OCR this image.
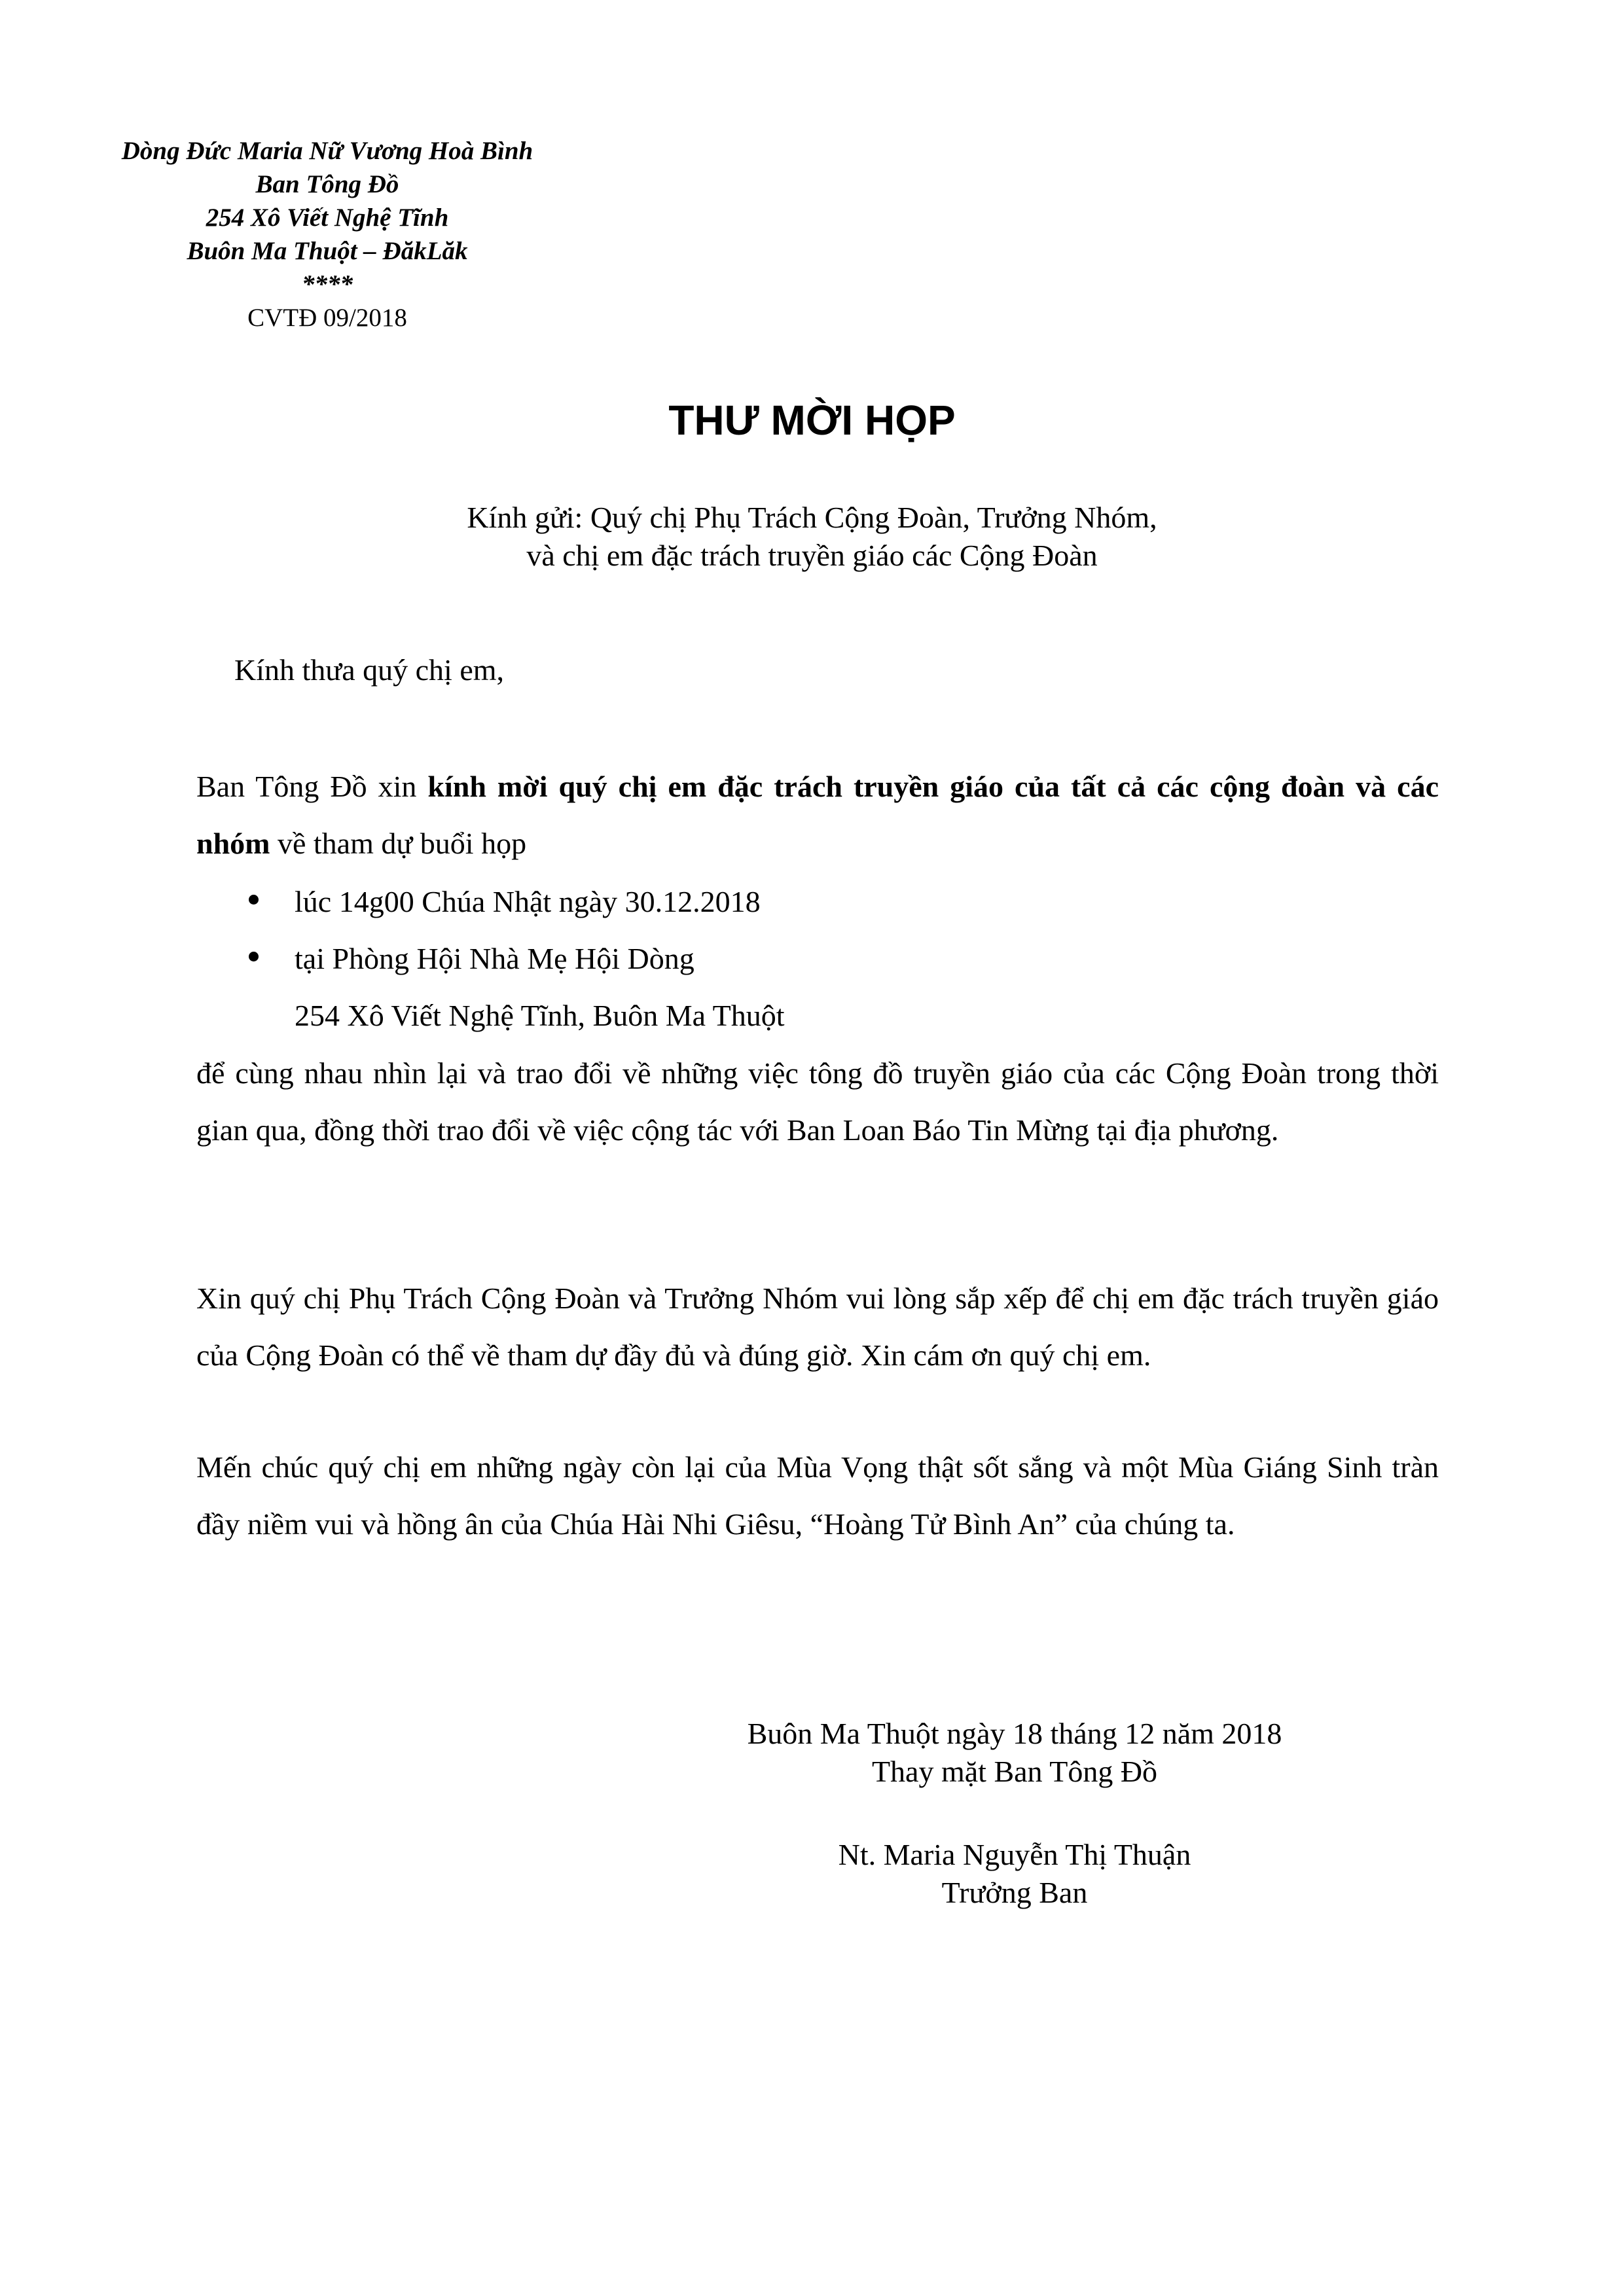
Dòng Đức Maria Nữ Vương Hoà Bình
Ban Tông Đồ
254 Xô Viết Nghệ Tĩnh
Buôn Ma Thuột – ĐăkLăk
****
CVTĐ 09/2018
THƯ MỜI HỌP
Kính gửi: Quý chị Phụ Trách Cộng Đoàn, Trưởng Nhóm,
và chị em đặc trách truyền giáo các Cộng Đoàn
Kính thưa quý chị em,

Ban Tông Đồ xin kính mời quý chị em đặc trách truyền giáo của tất cả các cộng đoàn và các nhóm về tham dự buổi họp

lúc 14g00 Chúa Nhật ngày 30.12.2018
tại Phòng Hội Nhà Mẹ Hội Dòng
254 Xô Viết Nghệ Tĩnh, Buôn Ma Thuột

để cùng nhau nhìn lại và trao đổi về những việc tông đồ truyền giáo của các Cộng Đoàn trong thời gian qua, đồng thời trao đổi về việc cộng tác với Ban Loan Báo Tin Mừng tại địa phương.

Xin quý chị Phụ Trách Cộng Đoàn và Trưởng Nhóm vui lòng sắp xếp để chị em đặc trách truyền giáo của Cộng Đoàn có thể về tham dự đầy đủ và đúng giờ. Xin cám ơn quý chị em.

Mến chúc quý chị em những ngày còn lại của Mùa Vọng thật sốt sắng và một Mùa Giáng Sinh tràn đầy niềm vui và hồng ân của Chúa Hài Nhi Giêsu, “Hoàng Tử Bình An” của chúng ta.

Buôn Ma Thuột ngày 18 tháng 12 năm 2018
Thay mặt Ban Tông Đồ
Nt. Maria Nguyễn Thị Thuận
Trưởng Ban
